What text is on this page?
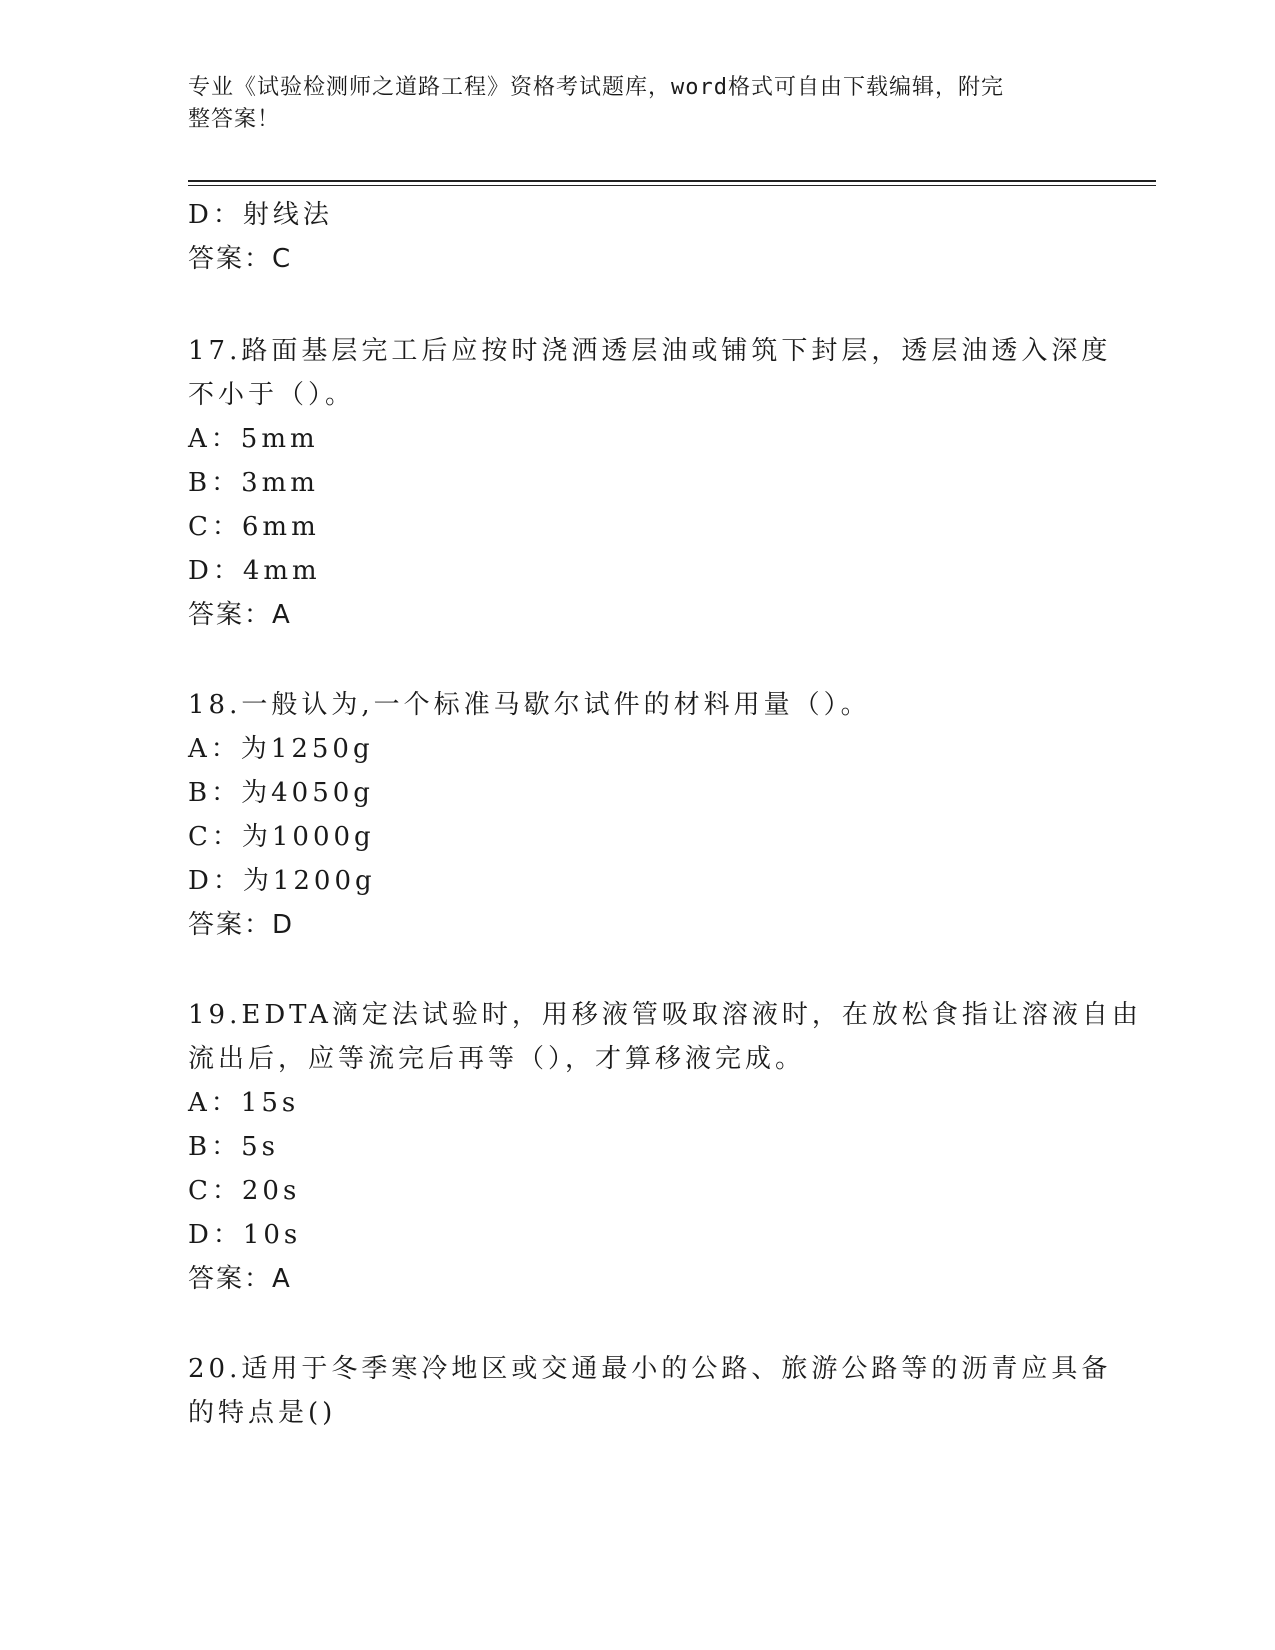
专业《试验检测师之道路工程》资格考试题库，word格式可自由下载编辑，附完
整答案！
D：射线法
答案：C
17.路面基层完工后应按时浇洒透层油或铺筑下封层，透层油透入深度
不小于（）。
A：5mm
B：3mm
C：6mm
D：4mm
答案：A
18.一般认为,一个标准马歇尔试件的材料用量（）。
A：为1250g
B：为4050g
C：为1000g
D：为1200g
答案：D
19.EDTA滴定法试验时，用移液管吸取溶液时，在放松食指让溶液自由
流出后，应等流完后再等（），才算移液完成。
A：15s
B：5s
C：20s
D：10s
答案：A
20.适用于冬季寒冷地区或交通最小的公路、旅游公路等的沥青应具备
的特点是()
